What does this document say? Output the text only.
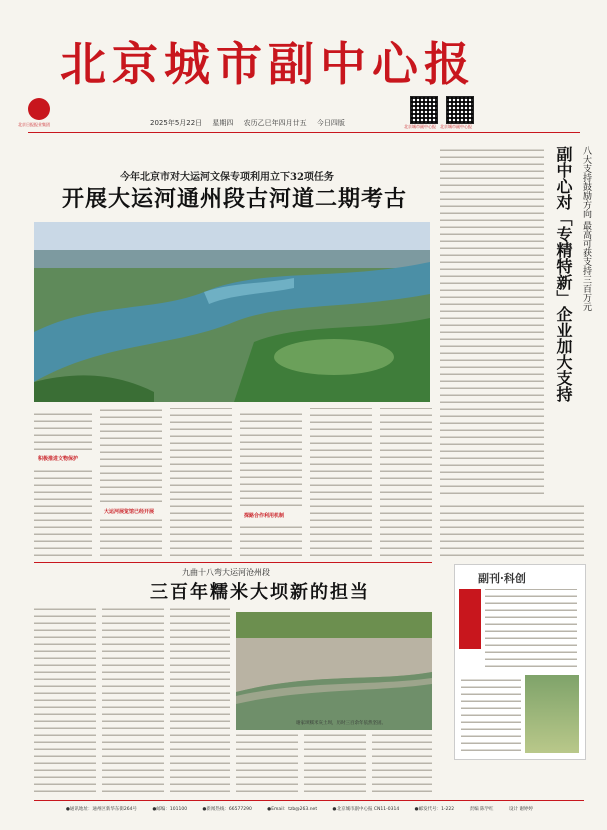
北京城市副中心报
北京日报报业集团	北京城市副中心报 北京城市副中心报
2025年5月22日 星期四 农历乙巳年四月廿五 今日四版
今年北京市对大运河文保专项利用立下32项任务
开展大运河通州段古河道二期考古
积极推进文物保护
大运河展览馆已经开展
探路合作利用机制
九曲十八弯大运河沧州段
三百年糯米大坝新的担当
谢家坝糯米灰土坝，历时三百余年依然坚固。
八大支持鼓励方向 最高可获支持三百万元
副中心对「专精特新」企业加大支持
副刊·科创
●通讯地址：通州区新华东街264号	●邮编：101100	●新闻热线：66577290	●Email：tzb@263.net	●北京城市副中心报 CN11-0314	●邮发代号：1-222	责编 陈学红	设计 谢婷婷
